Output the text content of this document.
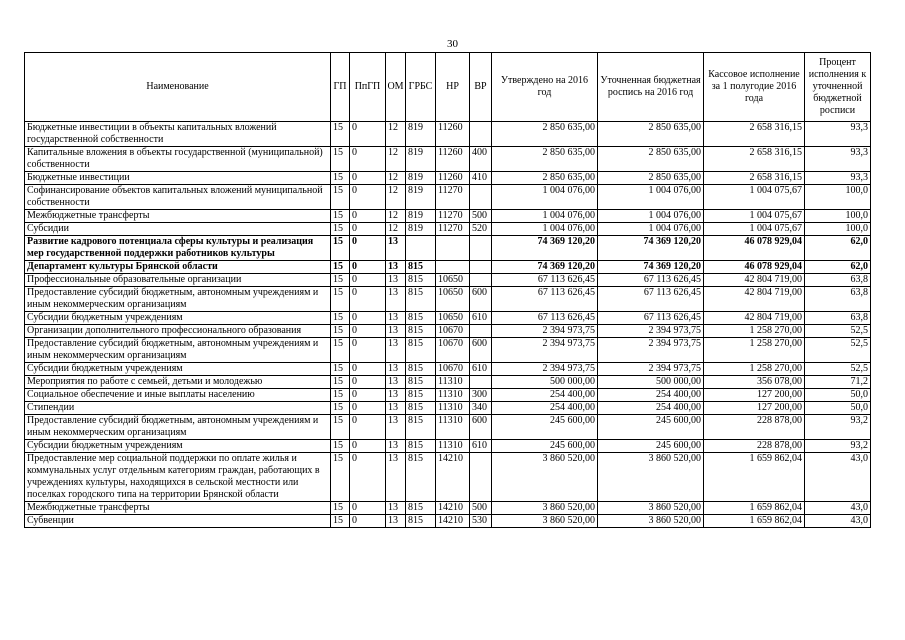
30
Наименование	ГП	ПпГП	ОМ	ГРБС	НР	ВР	Утверждено на 2016 год	Уточненная бюджетная роспись на 2016 год	Кассовое исполнение за 1 полугодие 2016 года	Процент исполнения к уточненной бюджетной росписи
Бюджетные инвестиции в объекты капитальных вложений государственной собственности	15	0	12	819	11260		2 850 635,00	2 850 635,00	2 658 316,15	93,3
Капитальные вложения в объекты государственной (муниципальной) собственности	15	0	12	819	11260	400	2 850 635,00	2 850 635,00	2 658 316,15	93,3
Бюджетные инвестиции	15	0	12	819	11260	410	2 850 635,00	2 850 635,00	2 658 316,15	93,3
Софинансирование объектов капитальных вложений муниципальной собственности	15	0	12	819	11270		1 004 076,00	1 004 076,00	1 004 075,67	100,0
Межбюджетные трансферты	15	0	12	819	11270	500	1 004 076,00	1 004 076,00	1 004 075,67	100,0
Субсидии	15	0	12	819	11270	520	1 004 076,00	1 004 076,00	1 004 075,67	100,0
Развитие кадрового потенциала сферы культуры и реализация мер государственной поддержки работников культуры	15	0	13				74 369 120,20	74 369 120,20	46 078 929,04	62,0
Департамент культуры Брянской области	15	0	13	815			74 369 120,20	74 369 120,20	46 078 929,04	62,0
Профессиональные образовательные организации	15	0	13	815	10650		67 113 626,45	67 113 626,45	42 804 719,00	63,8
Предоставление субсидий бюджетным, автономным учреждениям и иным некоммерческим организациям	15	0	13	815	10650	600	67 113 626,45	67 113 626,45	42 804 719,00	63,8
Субсидии бюджетным учреждениям	15	0	13	815	10650	610	67 113 626,45	67 113 626,45	42 804 719,00	63,8
Организации дополнительного профессионального образования	15	0	13	815	10670		2 394 973,75	2 394 973,75	1 258 270,00	52,5
Предоставление субсидий бюджетным, автономным учреждениям и иным некоммерческим организациям	15	0	13	815	10670	600	2 394 973,75	2 394 973,75	1 258 270,00	52,5
Субсидии бюджетным учреждениям	15	0	13	815	10670	610	2 394 973,75	2 394 973,75	1 258 270,00	52,5
Мероприятия по работе с семьей, детьми и молодежью	15	0	13	815	11310		500 000,00	500 000,00	356 078,00	71,2
Социальное обеспечение и иные выплаты населению	15	0	13	815	11310	300	254 400,00	254 400,00	127 200,00	50,0
Стипендии	15	0	13	815	11310	340	254 400,00	254 400,00	127 200,00	50,0
Предоставление субсидий бюджетным, автономным учреждениям и иным некоммерческим организациям	15	0	13	815	11310	600	245 600,00	245 600,00	228 878,00	93,2
Субсидии бюджетным учреждениям	15	0	13	815	11310	610	245 600,00	245 600,00	228 878,00	93,2
Предоставление мер социальной поддержки по оплате жилья и коммунальных услуг отдельным категориям граждан, работающих в учреждениях культуры, находящихся в сельской местности или поселках городского типа на территории Брянской области	15	0	13	815	14210		3 860 520,00	3 860 520,00	1 659 862,04	43,0
Межбюджетные трансферты	15	0	13	815	14210	500	3 860 520,00	3 860 520,00	1 659 862,04	43,0
Субвенции	15	0	13	815	14210	530	3 860 520,00	3 860 520,00	1 659 862,04	43,0
